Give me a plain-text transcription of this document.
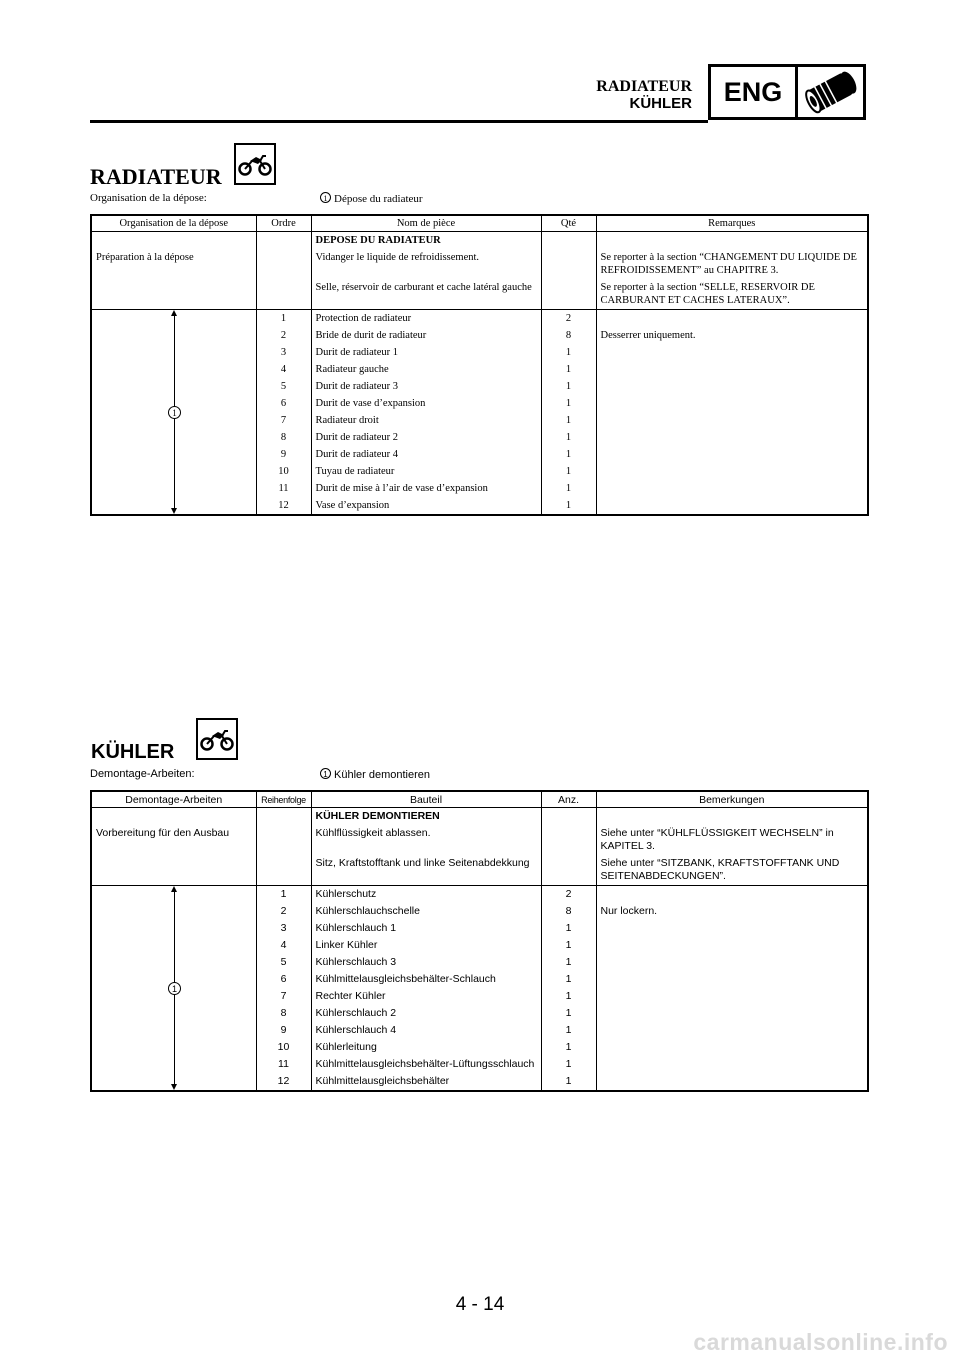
RADIATEUR
KÜHLER	ENG
RADIATEUR
Organisation de la dépose:	1 Dépose du radiateur
Organisation de la dépose	Ordre	Nom de pièce	Qté	Remarques
		DEPOSE DU RADIATEUR		
Préparation à la dépose		Vidanger le liquide de refroidissement.		Se reporter à la section “CHANGEMENT DU LIQUIDE DE REFROIDISSEMENT” au CHAPITRE 3.
		Selle, réservoir de carburant et cache latéral gauche		Se reporter à la section “SELLE, RESERVOIR DE CARBURANT ET CACHES LATERAUX”.

1	1	Protection de radiateur	2	
	2	Bride de durit de radiateur	8	Desserrer uniquement.
	3	Durit de radiateur 1	1	
	4	Radiateur gauche	1	
	5	Durit de radiateur 3	1	
	6	Durit de vase d’expansion	1	
	7	Radiateur droit	1	
	8	Durit de radiateur 2	1	
	9	Durit de radiateur 4	1	
	10	Tuyau de radiateur	1	
	11	Durit de mise à l’air de vase d’expansion	1	
	12	Vase d’expansion	1	
KÜHLER
Demontage-Arbeiten:	1 Kühler demontieren
Demontage-Arbeiten	Reihenfolge	Bauteil	Anz.	Bemerkungen
		KÜHLER DEMONTIEREN		
Vorbereitung für den Ausbau		Kühlflüssigkeit ablassen.		Siehe unter “KÜHLFLÜSSIGKEIT WECHSELN” in KAPITEL 3.
		Sitz, Kraftstofftank und linke Seitenabdekkung		Siehe unter “SITZBANK, KRAFTSTOFFTANK UND SEITENABDECKUNGEN”.

1	1	Kühlerschutz	2	
	2	Kühlerschlauchschelle	8	Nur lockern.
	3	Kühlerschlauch 1	1	
	4	Linker Kühler	1	
	5	Kühlerschlauch 3	1	
	6	Kühlmittelausgleichsbehälter-Schlauch	1	
	7	Rechter Kühler	1	
	8	Kühlerschlauch 2	1	
	9	Kühlerschlauch 4	1	
	10	Kühlerleitung	1	
	11	Kühlmittelausgleichsbehälter-Lüftungsschlauch	1	
	12	Kühlmittelausgleichsbehälter	1	
4 - 14
carmanualsonline.info
